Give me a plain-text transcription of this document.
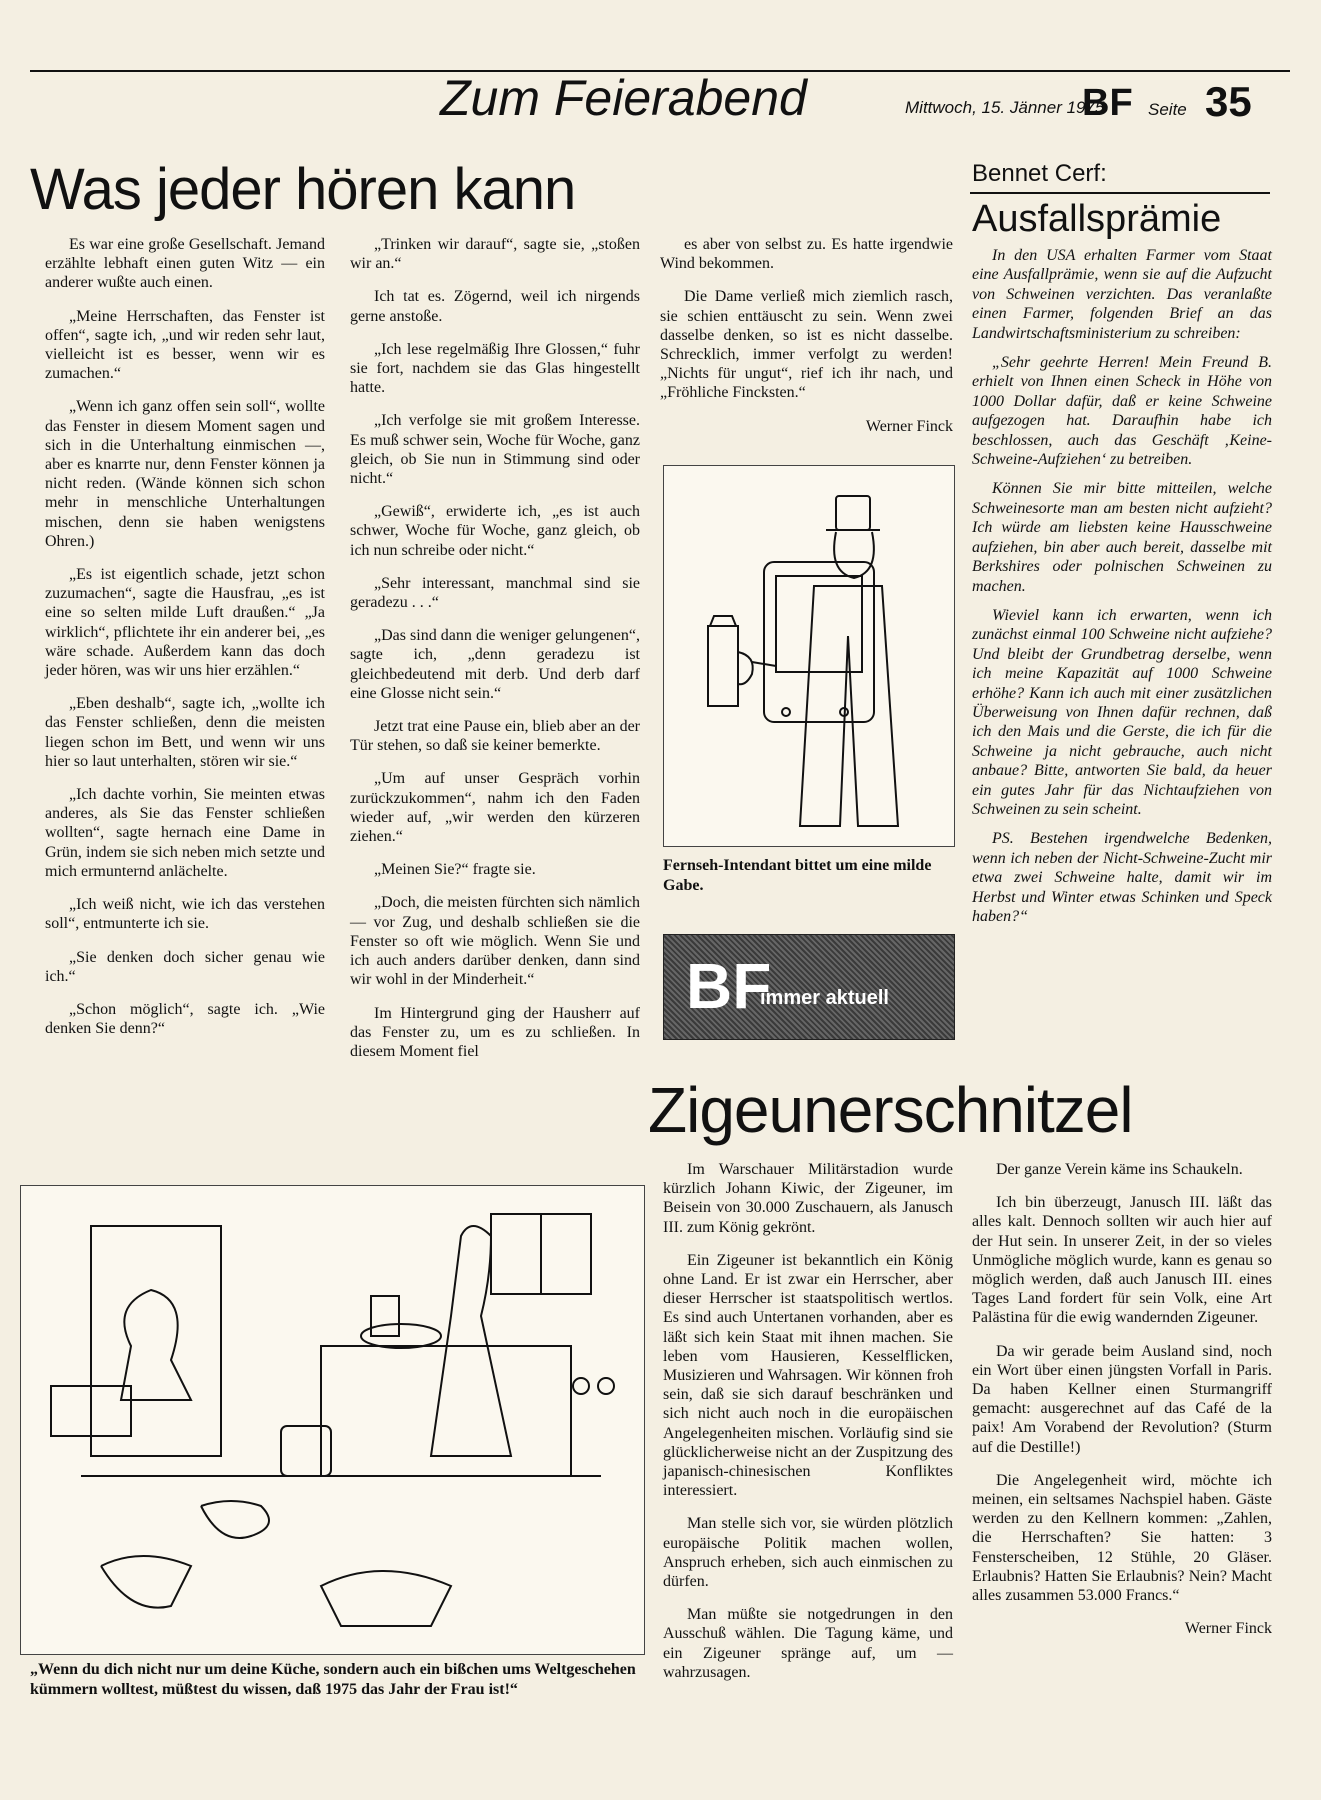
Zum Feierabend	Mittwoch, 15. Jänner 1975
BF Seite 35
Was jeder hören kann

Es war eine große Gesellschaft. Jemand erzählte lebhaft einen guten Witz — ein anderer wußte auch einen.

„Meine Herrschaften, das Fenster ist offen“, sagte ich, „und wir reden sehr laut, vielleicht ist es besser, wenn wir es zumachen.“

„Wenn ich ganz offen sein soll“, wollte das Fenster in diesem Moment sagen und sich in die Unterhaltung einmischen —, aber es knarrte nur, denn Fenster können ja nicht reden. (Wände können sich schon mehr in menschliche Unterhaltungen mischen, denn sie haben wenigstens Ohren.)

„Es ist eigentlich schade, jetzt schon zuzumachen“, sagte die Hausfrau, „es ist eine so selten milde Luft draußen.“ „Ja wirklich“, pflichtete ihr ein anderer bei, „es wäre schade. Außerdem kann das doch jeder hören, was wir uns hier erzählen.“

„Eben deshalb“, sagte ich, „wollte ich das Fenster schließen, denn die meisten liegen schon im Bett, und wenn wir uns hier so laut unterhalten, stören wir sie.“

„Ich dachte vorhin, Sie meinten etwas anderes, als Sie das Fenster schließen wollten“, sagte hernach eine Dame in Grün, indem sie sich neben mich setzte und mich ermunternd anlächelte.

„Ich weiß nicht, wie ich das verstehen soll“, entmunterte ich sie.

„Sie denken doch sicher genau wie ich.“

„Schon möglich“, sagte ich. „Wie denken Sie denn?“

„Trinken wir darauf“, sagte sie, „stoßen wir an.“

Ich tat es. Zögernd, weil ich nirgends gerne anstoße.

„Ich lese regelmäßig Ihre Glossen,“ fuhr sie fort, nachdem sie das Glas hingestellt hatte.

„Ich verfolge sie mit großem Interesse. Es muß schwer sein, Woche für Woche, ganz gleich, ob Sie nun in Stimmung sind oder nicht.“

„Gewiß“, erwiderte ich, „es ist auch schwer, Woche für Woche, ganz gleich, ob ich nun schreibe oder nicht.“

„Sehr interessant, manchmal sind sie geradezu . . .“

„Das sind dann die weniger gelungenen“, sagte ich, „denn geradezu ist gleichbedeutend mit derb. Und derb darf eine Glosse nicht sein.“

Jetzt trat eine Pause ein, blieb aber an der Tür stehen, so daß sie keiner bemerkte.

„Um auf unser Gespräch vorhin zurückzukommen“, nahm ich den Faden wieder auf, „wir werden den kürzeren ziehen.“

„Meinen Sie?“ fragte sie.

„Doch, die meisten fürchten sich nämlich — vor Zug, und deshalb schließen sie die Fenster so oft wie möglich. Wenn Sie und ich auch anders darüber denken, dann sind wir wohl in der Minderheit.“

Im Hintergrund ging der Hausherr auf das Fenster zu, um es zu schließen. In diesem Moment fiel

es aber von selbst zu. Es hatte irgendwie Wind bekommen.

Die Dame verließ mich ziemlich rasch, sie schien enttäuscht zu sein. Wenn zwei dasselbe denken, so ist es nicht dasselbe. Schrecklich, immer verfolgt zu werden! „Nichts für ungut“, rief ich ihr nach, und „Fröhliche Fincksten.“

Werner Finck

Fernseh-Intendant bittet um eine milde Gabe.
BF
immer aktuell
Bennet Cerf:
Ausfallsprämie

In den USA erhalten Farmer vom Staat eine Ausfallprämie, wenn sie auf die Aufzucht von Schweinen verzichten. Das veranlaßte einen Farmer, folgenden Brief an das Landwirtschaftsministerium zu schreiben:

„Sehr geehrte Herren! Mein Freund B. erhielt von Ihnen einen Scheck in Höhe von 1000 Dollar dafür, daß er keine Schweine aufgezogen hat. Daraufhin habe ich beschlossen, auch das Geschäft ‚Keine-Schweine-Aufziehen‘ zu betreiben.

Können Sie mir bitte mitteilen, welche Schweinesorte man am besten nicht aufzieht? Ich würde am liebsten keine Hausschweine aufziehen, bin aber auch bereit, dasselbe mit Berkshires oder polnischen Schweinen zu machen.

Wieviel kann ich erwarten, wenn ich zunächst einmal 100 Schweine nicht aufziehe? Und bleibt der Grundbetrag derselbe, wenn ich meine Kapazität auf 1000 Schweine erhöhe? Kann ich auch mit einer zusätzlichen Überweisung von Ihnen dafür rechnen, daß ich den Mais und die Gerste, die ich für die Schweine ja nicht gebrauche, auch nicht anbaue? Bitte, antworten Sie bald, da heuer ein gutes Jahr für das Nichtaufziehen von Schweinen zu sein scheint.

PS. Bestehen irgendwelche Bedenken, wenn ich neben der Nicht-Schweine-Zucht mir etwa zwei Schweine halte, damit wir im Herbst und Winter etwas Schinken und Speck haben?“

Zigeunerschnitzel

Im Warschauer Militärstadion wurde kürzlich Johann Kiwic, der Zigeuner, im Beisein von 30.000 Zuschauern, als Janusch III. zum König gekrönt.

Ein Zigeuner ist bekanntlich ein König ohne Land. Er ist zwar ein Herrscher, aber dieser Herrscher ist staatspolitisch wertlos. Es sind auch Untertanen vorhanden, aber es läßt sich kein Staat mit ihnen machen. Sie leben vom Hausieren, Kesselflicken, Musizieren und Wahrsagen. Wir können froh sein, daß sie sich darauf beschränken und sich nicht auch noch in die europäischen Angelegenheiten mischen. Vorläufig sind sie glücklicherweise nicht an der Zuspitzung des japanisch-chinesischen Konfliktes interessiert.

Man stelle sich vor, sie würden plötzlich europäische Politik machen wollen, Anspruch erheben, sich auch einmischen zu dürfen.

Man müßte sie notgedrungen in den Ausschuß wählen. Die Tagung käme, und ein Zigeuner spränge auf, um — wahrzusagen.

Der ganze Verein käme ins Schaukeln.

Ich bin überzeugt, Janusch III. läßt das alles kalt. Dennoch sollten wir auch hier auf der Hut sein. In unserer Zeit, in der so vieles Unmögliche möglich wurde, kann es genau so möglich werden, daß auch Janusch III. eines Tages Land fordert für sein Volk, eine Art Palästina für die ewig wandernden Zigeuner.

Da wir gerade beim Ausland sind, noch ein Wort über einen jüngsten Vorfall in Paris. Da haben Kellner einen Sturmangriff gemacht: ausgerechnet auf das Café de la paix! Am Vorabend der Revolution? (Sturm auf die Destille!)

Die Angelegenheit wird, möchte ich meinen, ein seltsames Nachspiel haben. Gäste werden zu den Kellnern kommen: „Zahlen, die Herrschaften? Sie hatten: 3 Fensterscheiben, 12 Stühle, 20 Gläser. Erlaubnis? Hatten Sie Erlaubnis? Nein? Macht alles zusammen 53.000 Francs.“

Werner Finck

„Wenn du dich nicht nur um deine Küche, sondern auch ein bißchen ums Weltgeschehen kümmern wolltest, müßtest du wissen, daß 1975 das Jahr der Frau ist!“
